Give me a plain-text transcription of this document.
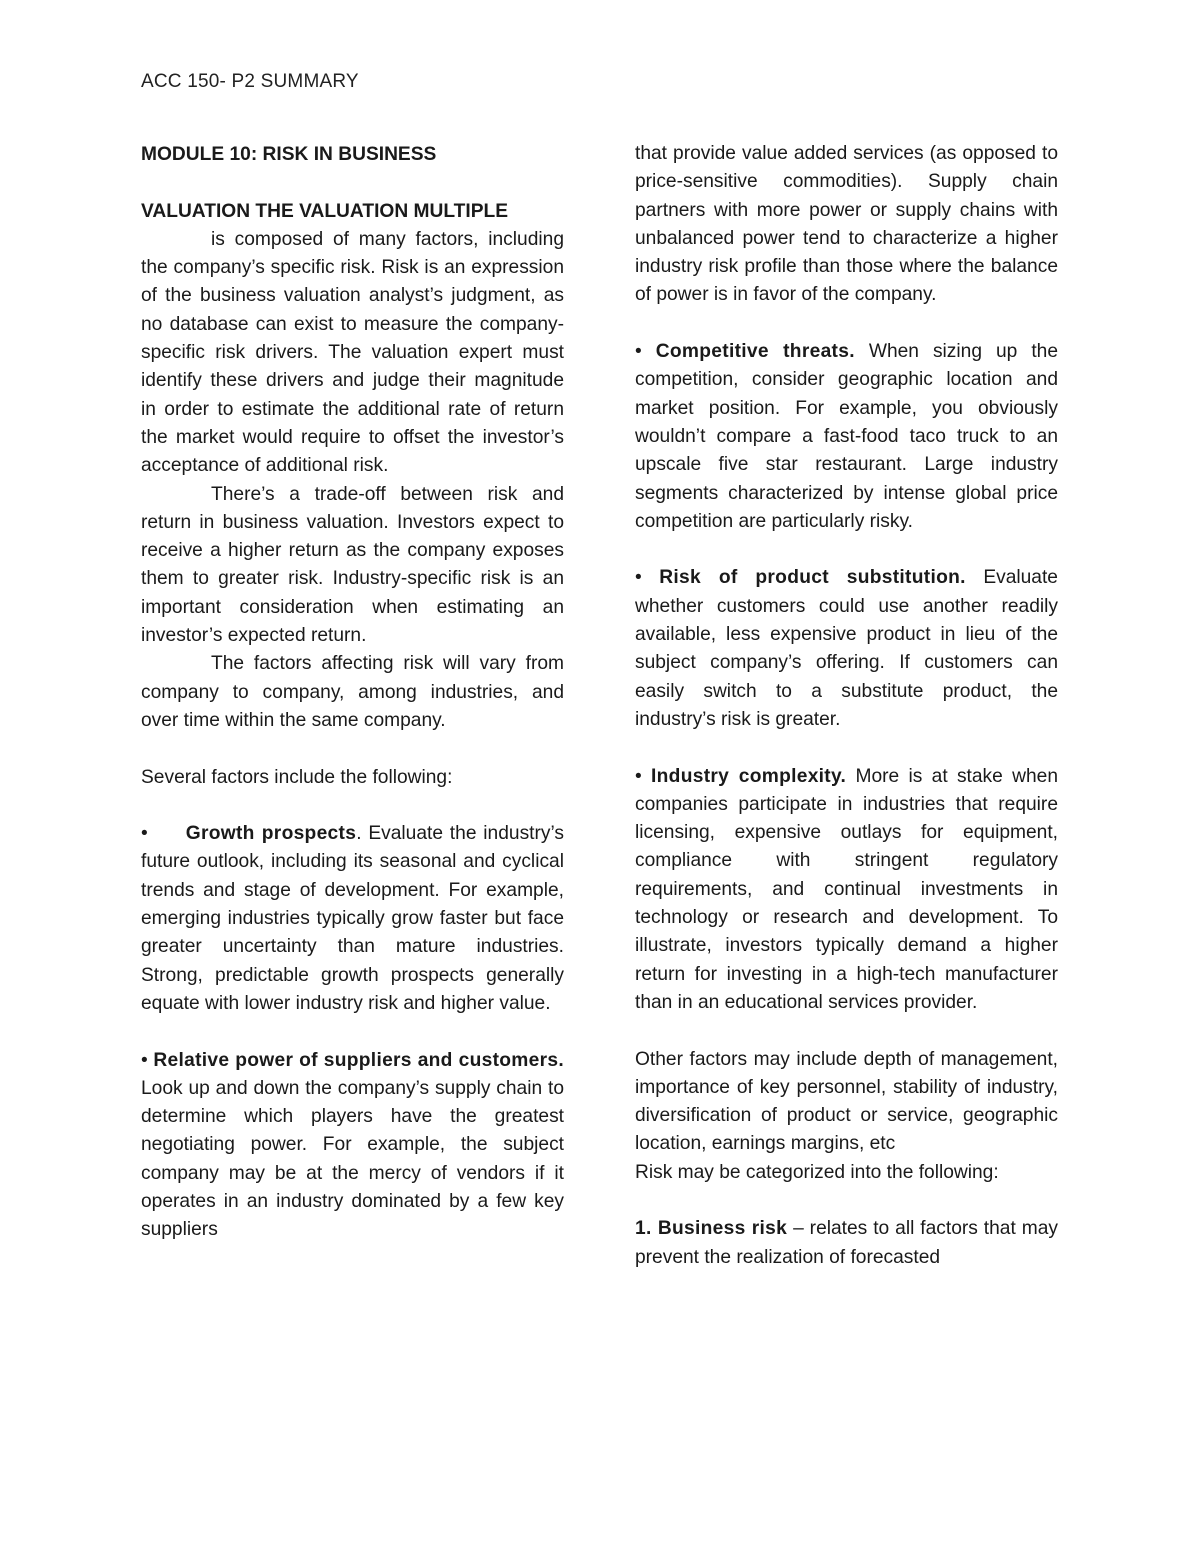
ACC 150- P2 SUMMARY

MODULE 10: RISK IN BUSINESS

VALUATION THE VALUATION MULTIPLE

is composed of many factors, including the company’s specific risk. Risk is an expression of the business valuation analyst’s judgment, as no database can exist to measure the company-specific risk drivers. The valuation expert must identify these drivers and judge their magnitude in order to estimate the additional rate of return the market would require to offset the investor’s acceptance of additional risk.

There’s a trade-off between risk and return in business valuation. Investors expect to receive a higher return as the company exposes them to greater risk. Industry-specific risk is an important consideration when estimating an investor’s expected return.

The factors affecting risk will vary from company to company, among industries, and over time within the same company.

Several factors include the following:

• Growth prospects. Evaluate the industry’s future outlook, including its seasonal and cyclical trends and stage of development. For example, emerging industries typically grow faster but face greater uncertainty than mature industries. Strong, predictable growth prospects generally equate with lower industry risk and higher value.

• Relative power of suppliers and customers. Look up and down the company’s supply chain to determine which players have the greatest negotiating power. For example, the subject company may be at the mercy of vendors if it operates in an industry dominated by a few key suppliers

that provide value added services (as opposed to price-sensitive commodities). Supply chain partners with more power or supply chains with unbalanced power tend to characterize a higher industry risk profile than those where the balance of power is in favor of the company.

• Competitive threats. When sizing up the competition, consider geographic location and market position. For example, you obviously wouldn’t compare a fast-food taco truck to an upscale five star restaurant. Large industry segments characterized by intense global price competition are particularly risky.

• Risk of product substitution. Evaluate whether customers could use another readily available, less expensive product in lieu of the subject company’s offering. If customers can easily switch to a substitute product, the industry’s risk is greater.

• Industry complexity. More is at stake when companies participate in industries that require licensing, expensive outlays for equipment, compliance with stringent regulatory requirements, and continual investments in technology or research and development. To illustrate, investors typically demand a higher return for investing in a high-tech manufacturer than in an educational services provider.

Other factors may include depth of management, importance of key personnel, stability of industry, diversification of product or service, geographic location, earnings margins, etc

Risk may be categorized into the following:

1. Business risk – relates to all factors that may prevent the realization of forecasted
